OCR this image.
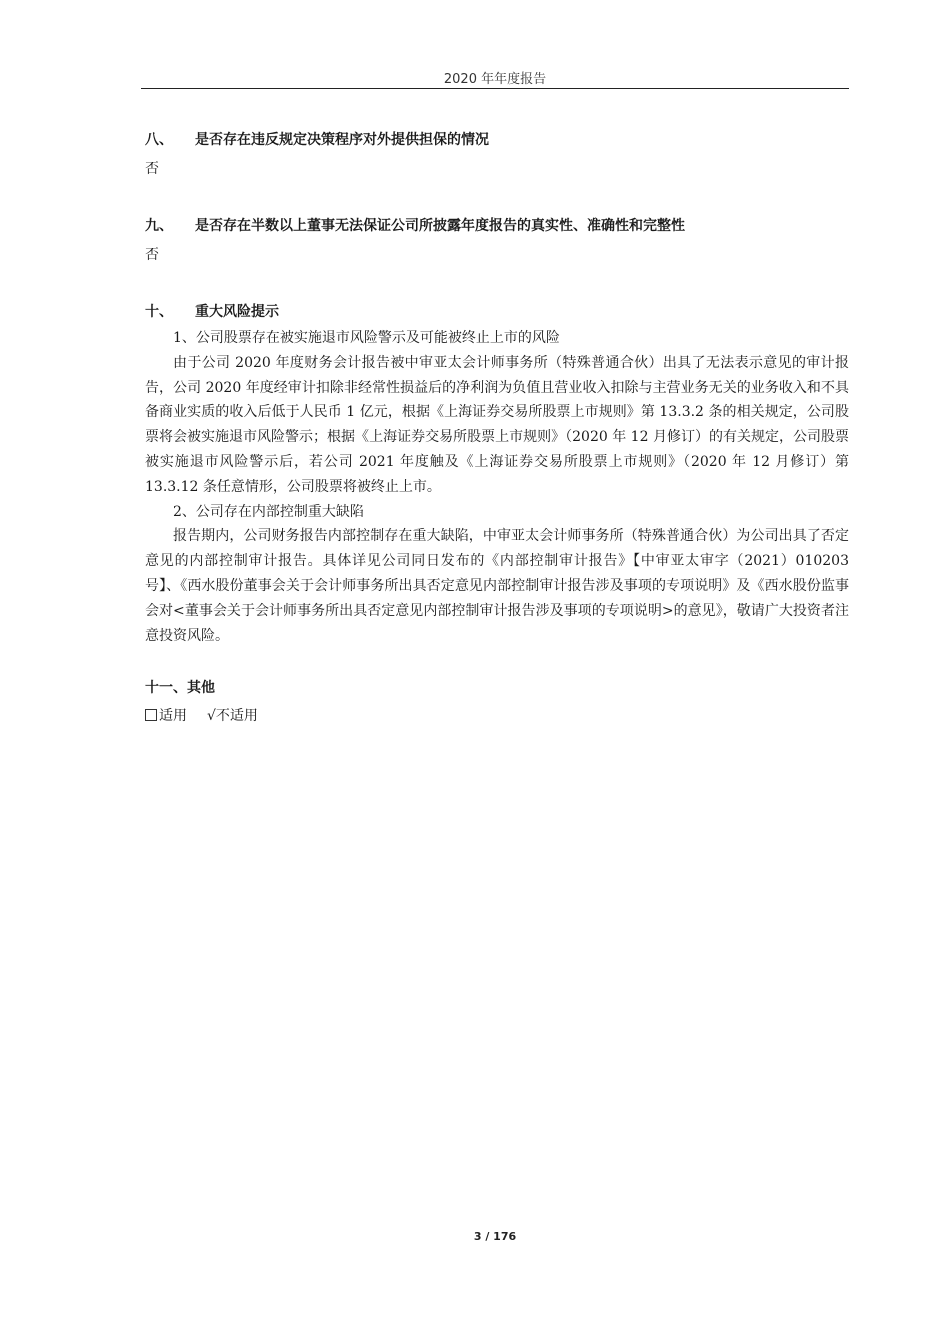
2020 年年度报告
八、 是否存在违反规定决策程序对外提供担保的情况
否
九、 是否存在半数以上董事无法保证公司所披露年度报告的真实性、准确性和完整性
否
十、 重大风险提示

1、公司股票存在被实施退市风险警示及可能被终止上市的风险

由于公司 2020 年度财务会计报告被中审亚太会计师事务所（特殊普通合伙）出具了无法表示意见的审计报告，公司 2020 年度经审计扣除非经常性损益后的净利润为负值且营业收入扣除与主营业务无关的业务收入和不具备商业实质的收入后低于人民币 1 亿元，根据《上海证券交易所股票上市规则》第 13.3.2 条的相关规定，公司股票将会被实施退市风险警示；根据《上海证券交易所股票上市规则》（2020 年 12 月修订）的有关规定，公司股票被实施退市风险警示后，若公司 2021 年度触及《上海证券交易所股票上市规则》（2020 年 12 月修订）第 13.3.12 条任意情形，公司股票将被终止上市。

2、公司存在内部控制重大缺陷

报告期内，公司财务报告内部控制存在重大缺陷，中审亚太会计师事务所（特殊普通合伙）为公司出具了否定意见的内部控制审计报告。具体详见公司同日发布的《内部控制审计报告》【中审亚太审字（2021）010203 号】、《西水股份董事会关于会计师事务所出具否定意见内部控制审计报告涉及事项的专项说明》及《西水股份监事会对<董事会关于会计师事务所出具否定意见内部控制审计报告涉及事项的专项说明>的意见》，敬请广大投资者注意投资风险。

十一、其他
适用 √不适用
3 / 176
